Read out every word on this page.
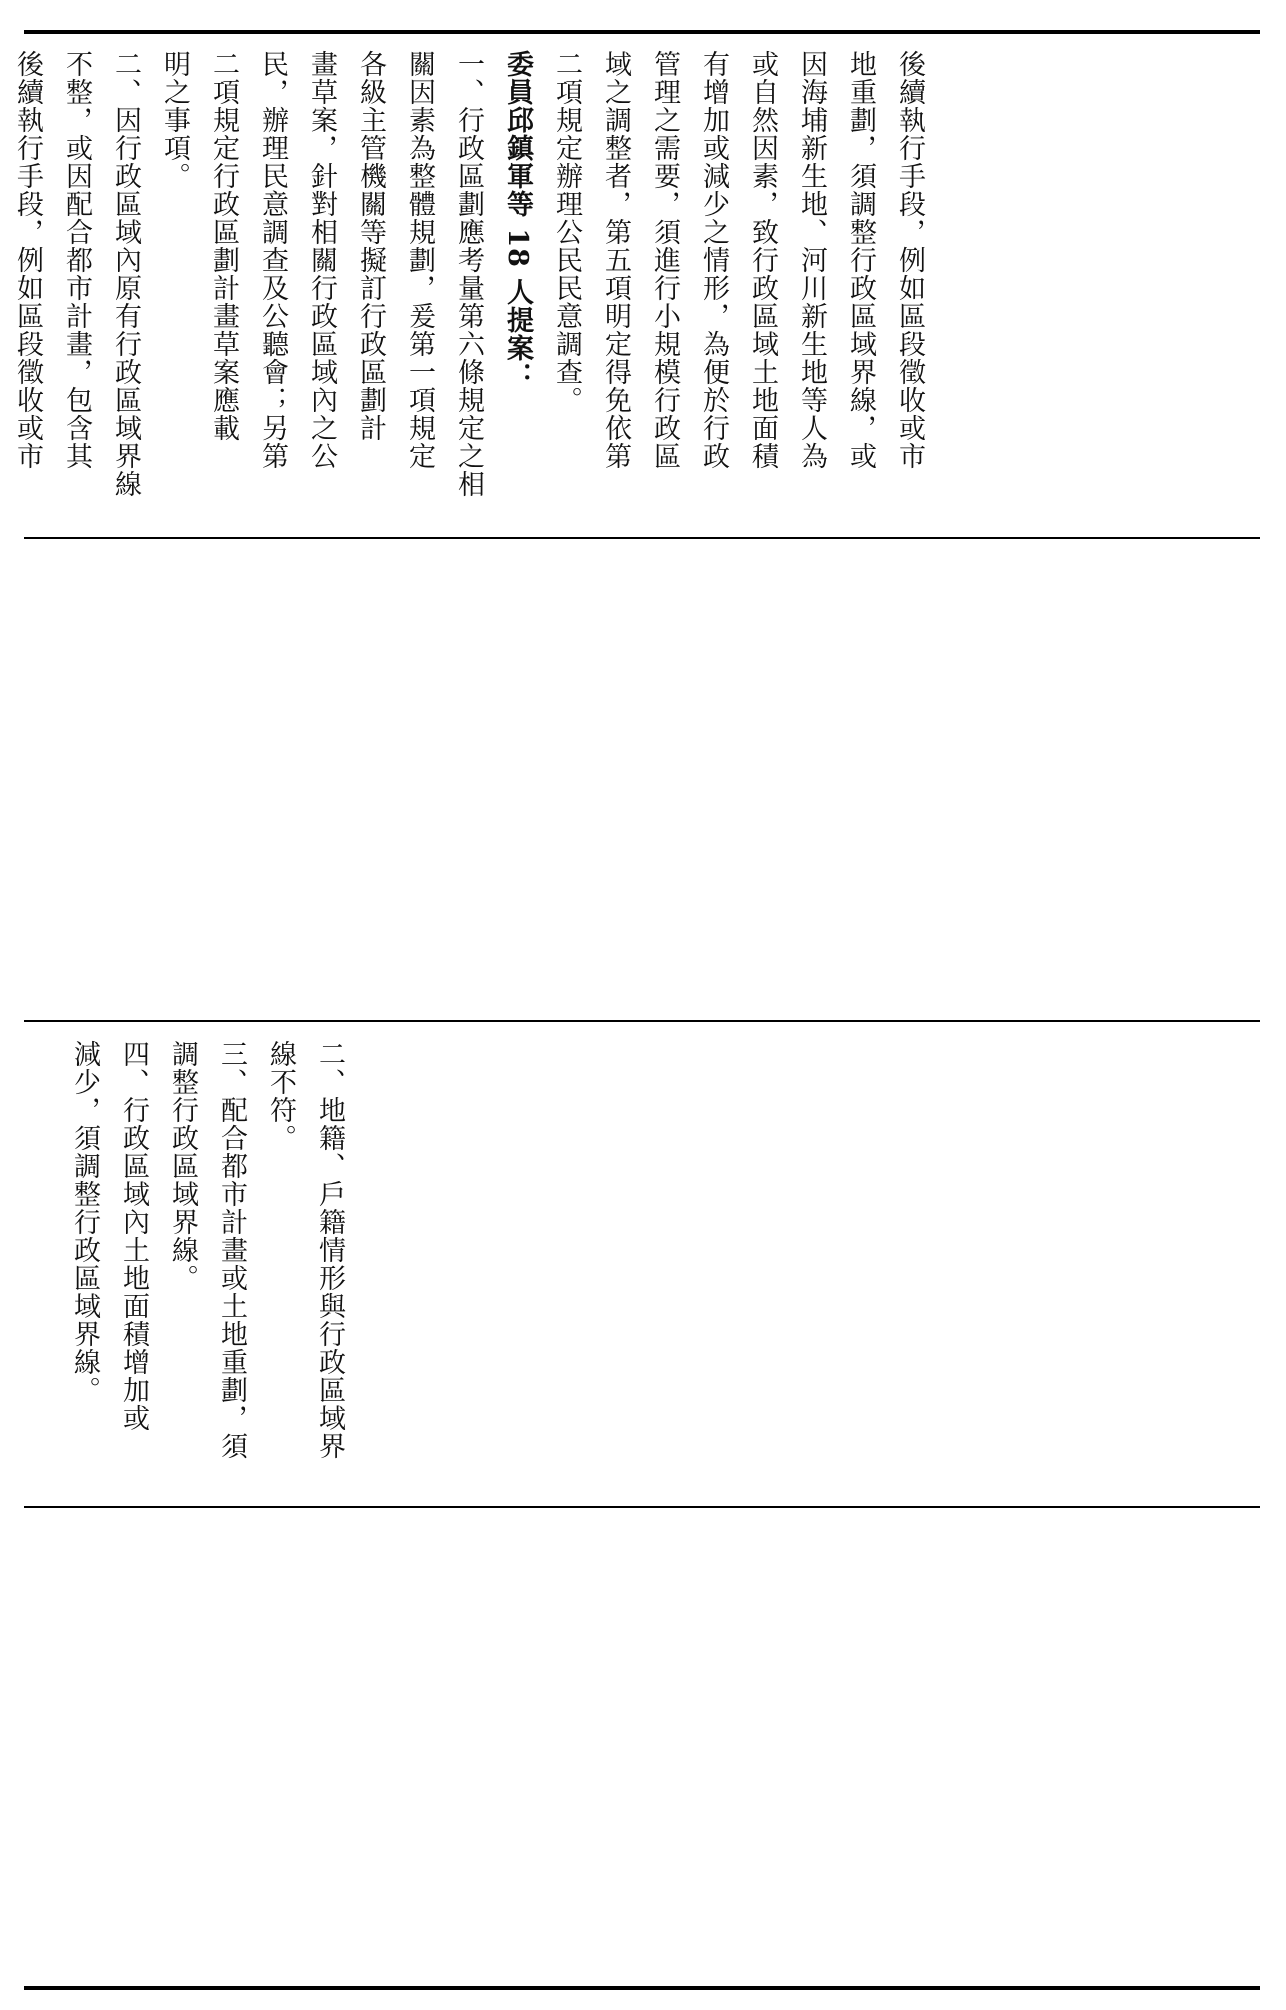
後續執行手段，例如區段徵收或市

地重劃，須調整行政區域界線，或

因海埔新生地、河川新生地等人為

或自然因素，致行政區域土地面積

有增加或減少之情形，為便於行政

管理之需要，須進行小規模行政區

域之調整者，第五項明定得免依第

二項規定辦理公民民意調查。

委員邱鎮軍等 18 人提案：

一、行政區劃應考量第六條規定之相

關因素為整體規劃，爰第一項規定

各級主管機關等擬訂行政區劃計

畫草案，針對相關行政區域內之公

民，辦理民意調查及公聽會；另第

二項規定行政區劃計畫草案應載

明之事項。

二、因行政區域內原有行政區域界線

不整，或因配合都市計畫，包含其

後續執行手段，例如區段徵收或市

二、地籍、戶籍情形與行政區域界

線不符。

三、配合都市計畫或土地重劃，須

調整行政區域界線。

四、行政區域內土地面積增加或

減少，須調整行政區域界線。
